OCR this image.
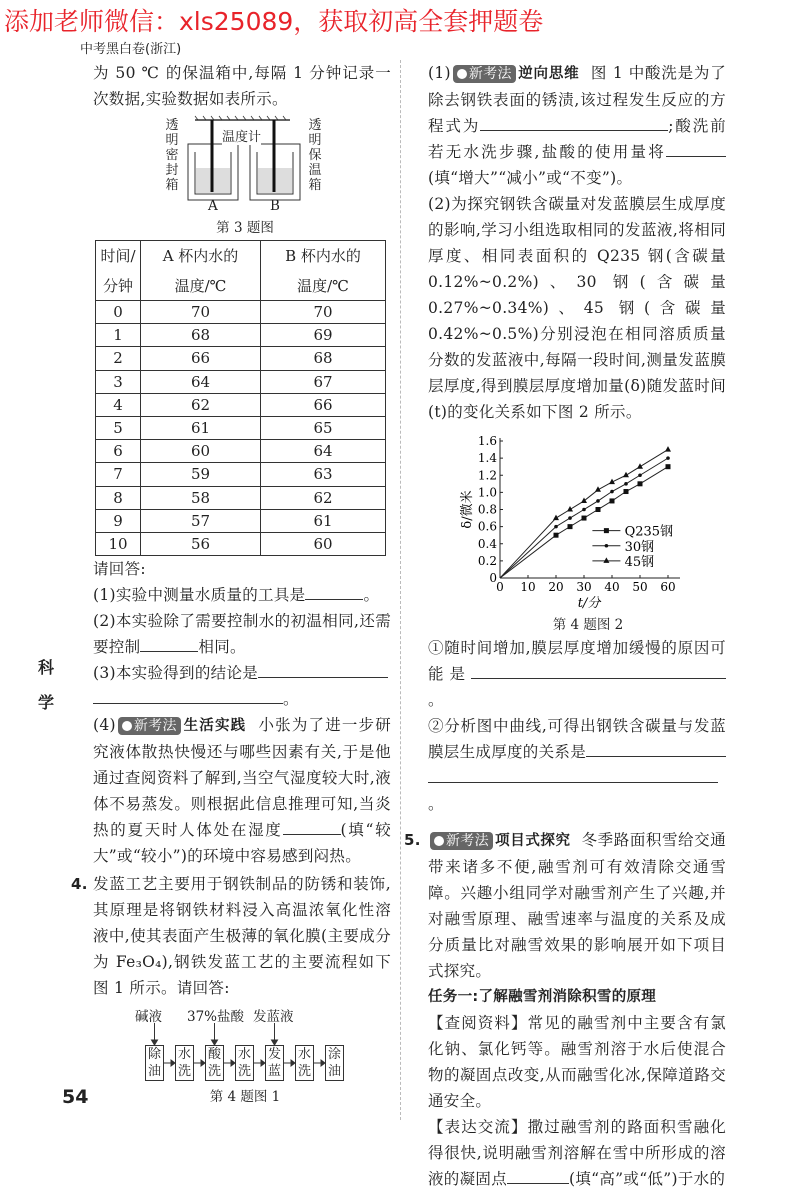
添加老师微信：xls25089，获取初高全套押题卷
中考黑白卷(浙江)
科
学
54
为 50 ℃ 的保温箱中,每隔 1 分钟记录一次数据,实验数据如表所示。
温度计
透明密封箱
透明保温箱
A	B
第 3 题图
时间/	A 杯内水的	B 杯内水的
分钟	温度/℃	温度/℃
0	70	70
1	68	69
2	66	68
3	64	67
4	62	66
5	61	65
6	60	64
7	59	63
8	58	62
9	57	61
10	56	60
请回答:
(1)实验中测量水质量的工具是	。
(2)本实验除了需要控制水的初温相同,还需要控制	相同。
(3)本实验得到的结论是
。
(4) 新考法 生活实践 小张为了进一步研究液体散热快慢还与哪些因素有关,于是他通过查阅资料了解到,当空气湿度较大时,液体不易蒸发。则根据此信息推理可知,当炎热的夏天时人体处在湿度	(填“较大”或“较小”)的环境中容易感到闷热。
4. 发蓝工艺主要用于钢铁制品的防锈和装饰,其原理是将钢铁材料浸入高温浓氧化性溶液中,使其表面产生极薄的氧化膜(主要成分为 Fe₃O₄),钢铁发蓝工艺的主要流程如下图 1 所示。请回答:
碱液 37%盐酸 发蓝液
除油
水洗
酸洗
水洗
发蓝
水洗
涂油
第 4 题图 1
(1) 新考法 逆向思维 图 1 中酸洗是为了除去钢铁表面的锈渍,该过程发生反应的方程式为	;酸洗前若无水洗步骤,盐酸的使用量将(填“增大”“减小”或“不变”)。
(2)为探究钢铁含碳量对发蓝膜层生成厚度的影响,学习小组选取相同的发蓝液,将相同厚度、相同表面积的 Q235 钢(含碳量 0.12%~0.2%)、30 钢(含碳量 0.27%~0.34%)、45 钢(含碳量 0.42%~0.5%)分别浸泡在相同溶质质量分数的发蓝液中,每隔一段时间,测量发蓝膜层厚度,得到膜层厚度增加量(δ)随发蓝时间(t)的变化关系如下图 2 所示。
0 10 20 30 40 50 60
0
0.2
0.4
0.6
0.8
1.0
1.2
1.4
1.6
t/分
δ/微米
Q235钢
30钢
45钢
第 4 题图 2
①随时间增加,膜层厚度增加缓慢的原因可能是。
②分析图中曲线,可得出钢铁含碳量与发蓝膜层生成厚度的关系是
。
5. 新考法 项目式探究 冬季路面积雪给交通带来诸多不便,融雪剂可有效清除交通雪障。兴趣小组同学对融雪剂产生了兴趣,并对融雪原理、融雪速率与温度的关系及成分质量比对融雪效果的影响展开如下项目式探究。
任务一:了解融雪剂消除积雪的原理
【查阅资料】常见的融雪剂中主要含有氯化钠、氯化钙等。融雪剂溶于水后使混合物的凝固点改变,从而融雪化冰,保障道路交通安全。
【表达交流】撒过融雪剂的路面积雪融化得很快,说明融雪剂溶解在雪中所形成的溶液的凝固点	(填“高”或“低”)于水的
